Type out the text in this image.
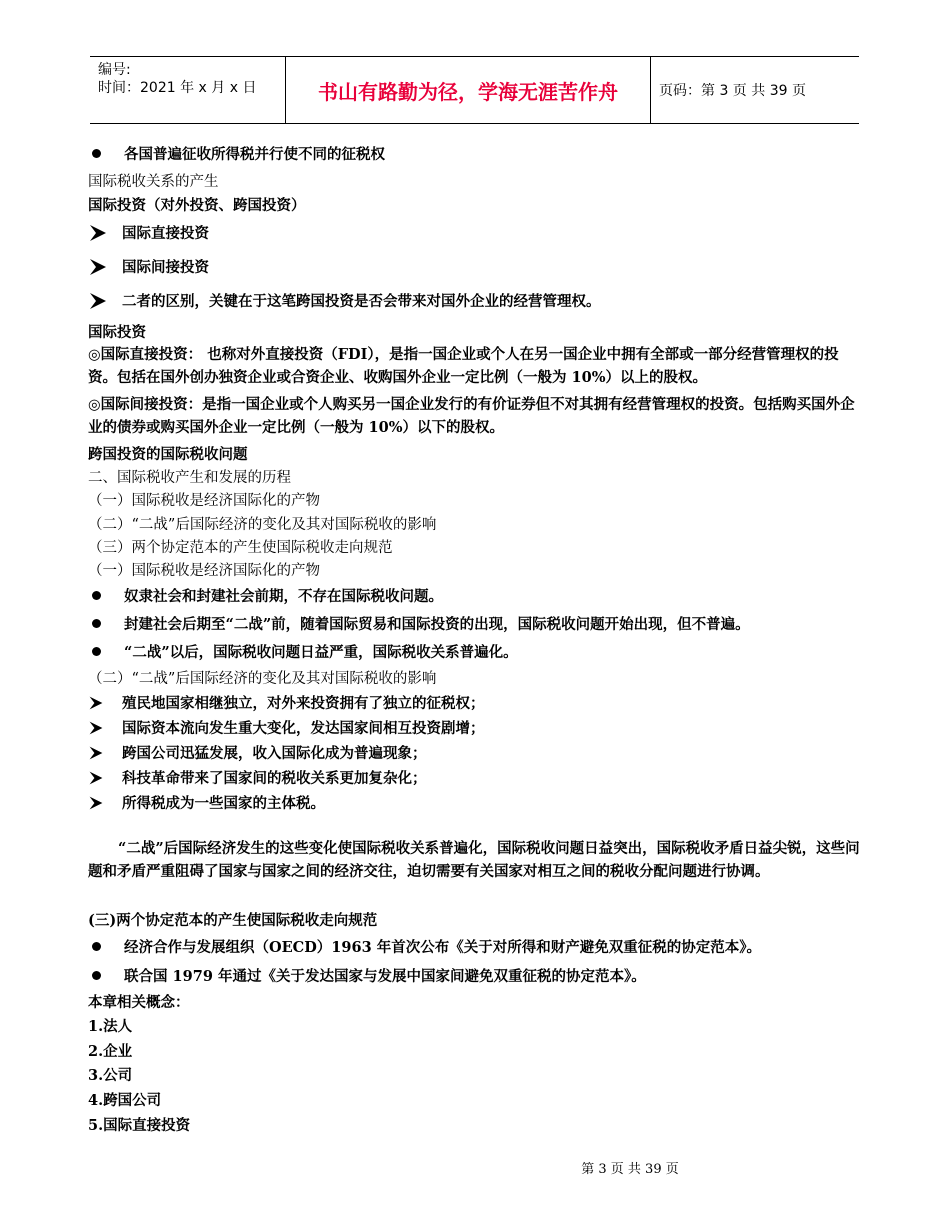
编号:
时间：2021 年 x 月 x 日	书山有路勤为径，学海无涯苦作舟	页码：第 3 页 共 39 页
各国普遍征收所得税并行使不同的征税权
国际税收关系的产生
国际投资（对外投资、跨国投资）
国际直接投资
国际间接投资
二者的区别，关键在于这笔跨国投资是否会带来对国外企业的经营管理权。
国际投资
◎国际直接投资： 也称对外直接投资（FDI），是指一国企业或个人在另一国企业中拥有全部或一部分经营管理权的投资。包括在国外创办独资企业或合资企业、收购国外企业一定比例（一般为 10%）以上的股权。
◎国际间接投资：是指一国企业或个人购买另一国企业发行的有价证券但不对其拥有经营管理权的投资。包括购买国外企业的债券或购买国外企业一定比例（一般为 10%）以下的股权。
跨国投资的国际税收问题
二、国际税收产生和发展的历程
（一）国际税收是经济国际化的产物
（二）“二战”后国际经济的变化及其对国际税收的影响
（三）两个协定范本的产生使国际税收走向规范
（一）国际税收是经济国际化的产物
奴隶社会和封建社会前期，不存在国际税收问题。
封建社会后期至“二战”前，随着国际贸易和国际投资的出现，国际税收问题开始出现，但不普遍。
“二战”以后，国际税收问题日益严重，国际税收关系普遍化。
（二）“二战”后国际经济的变化及其对国际税收的影响
殖民地国家相继独立，对外来投资拥有了独立的征税权；
国际资本流向发生重大变化，发达国家间相互投资剧增；
跨国公司迅猛发展，收入国际化成为普遍现象；
科技革命带来了国家间的税收关系更加复杂化；
所得税成为一些国家的主体税。
“二战”后国际经济发生的这些变化使国际税收关系普遍化，国际税收问题日益突出，国际税收矛盾日益尖锐，这些问题和矛盾严重阻碍了国家与国家之间的经济交往，迫切需要有关国家对相互之间的税收分配问题进行协调。
(三)两个协定范本的产生使国际税收走向规范
经济合作与发展组织（OECD）1963 年首次公布《关于对所得和财产避免双重征税的协定范本》。
联合国 1979 年通过《关于发达国家与发展中国家间避免双重征税的协定范本》。
本章相关概念：
1.法人
2.企业
3.公司
4.跨国公司
5.国际直接投资
第 3 页 共 39 页
